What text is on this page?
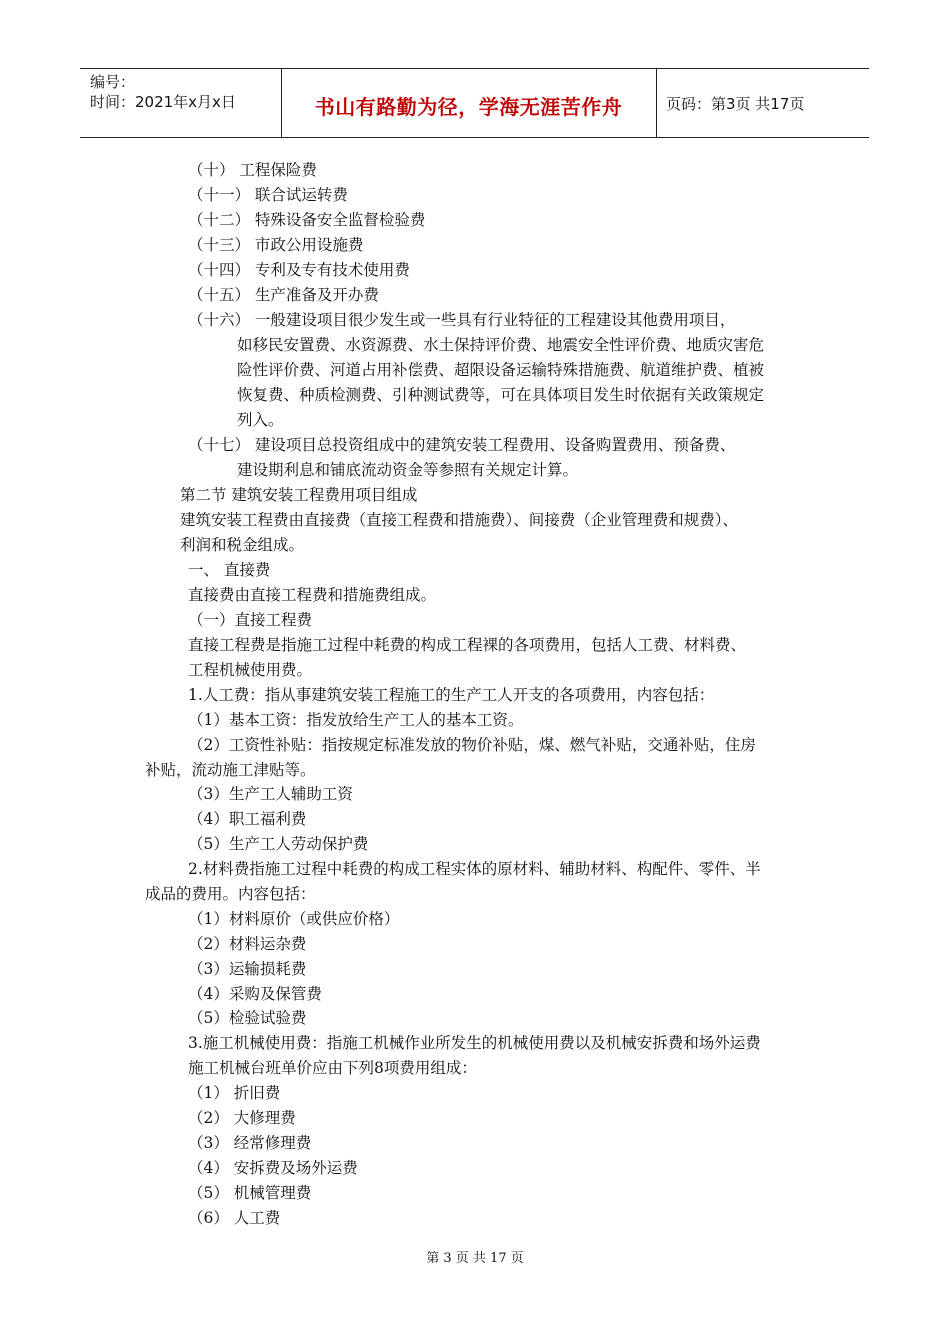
编号：
时间：2021年x月x日	书山有路勤为径，学海无涯苦作舟	页码：第3页 共17页
（十） 工程保险费
（十一） 联合试运转费
（十二） 特殊设备安全监督检验费
（十三） 市政公用设施费
（十四） 专利及专有技术使用费
（十五） 生产准备及开办费
（十六） 一般建设项目很少发生或一些具有行业特征的工程建设其他费用项目，
如移民安置费、水资源费、水土保持评价费、地震安全性评价费、地质灾害危
险性评价费、河道占用补偿费、超限设备运输特殊措施费、航道维护费、植被
恢复费、种质检测费、引种测试费等，可在具体项目发生时依据有关政策规定
列入。
（十七） 建设项目总投资组成中的建筑安装工程费用、设备购置费用、预备费、
建设期利息和铺底流动资金等参照有关规定计算。
第二节 建筑安装工程费用项目组成
建筑安装工程费由直接费（直接工程费和措施费）、间接费（企业管理费和规费）、
利润和税金组成。
一、 直接费
直接费由直接工程费和措施费组成。
（一）直接工程费
直接工程费是指施工过程中耗费的构成工程裸的各项费用，包括人工费、材料费、
工程机械使用费。
1.人工费：指从事建筑安装工程施工的生产工人开支的各项费用，内容包括：
（1）基本工资：指发放给生产工人的基本工资。
（2）工资性补贴：指按规定标准发放的物价补贴，煤、燃气补贴，交通补贴，住房
补贴，流动施工津贴等。
（3）生产工人辅助工资
（4）职工福利费
（5）生产工人劳动保护费
2.材料费指施工过程中耗费的构成工程实体的原材料、辅助材料、构配件、零件、半
成品的费用。内容包括：
（1）材料原价（或供应价格）
（2）材料运杂费
（3）运输损耗费
（4）采购及保管费
（5）检验试验费
3.施工机械使用费：指施工机械作业所发生的机械使用费以及机械安拆费和场外运费
施工机械台班单价应由下列8项费用组成：
（1） 折旧费
（2） 大修理费
（3） 经常修理费
（4） 安拆费及场外运费
（5） 机械管理费
（6） 人工费
第 3 页 共 17 页
